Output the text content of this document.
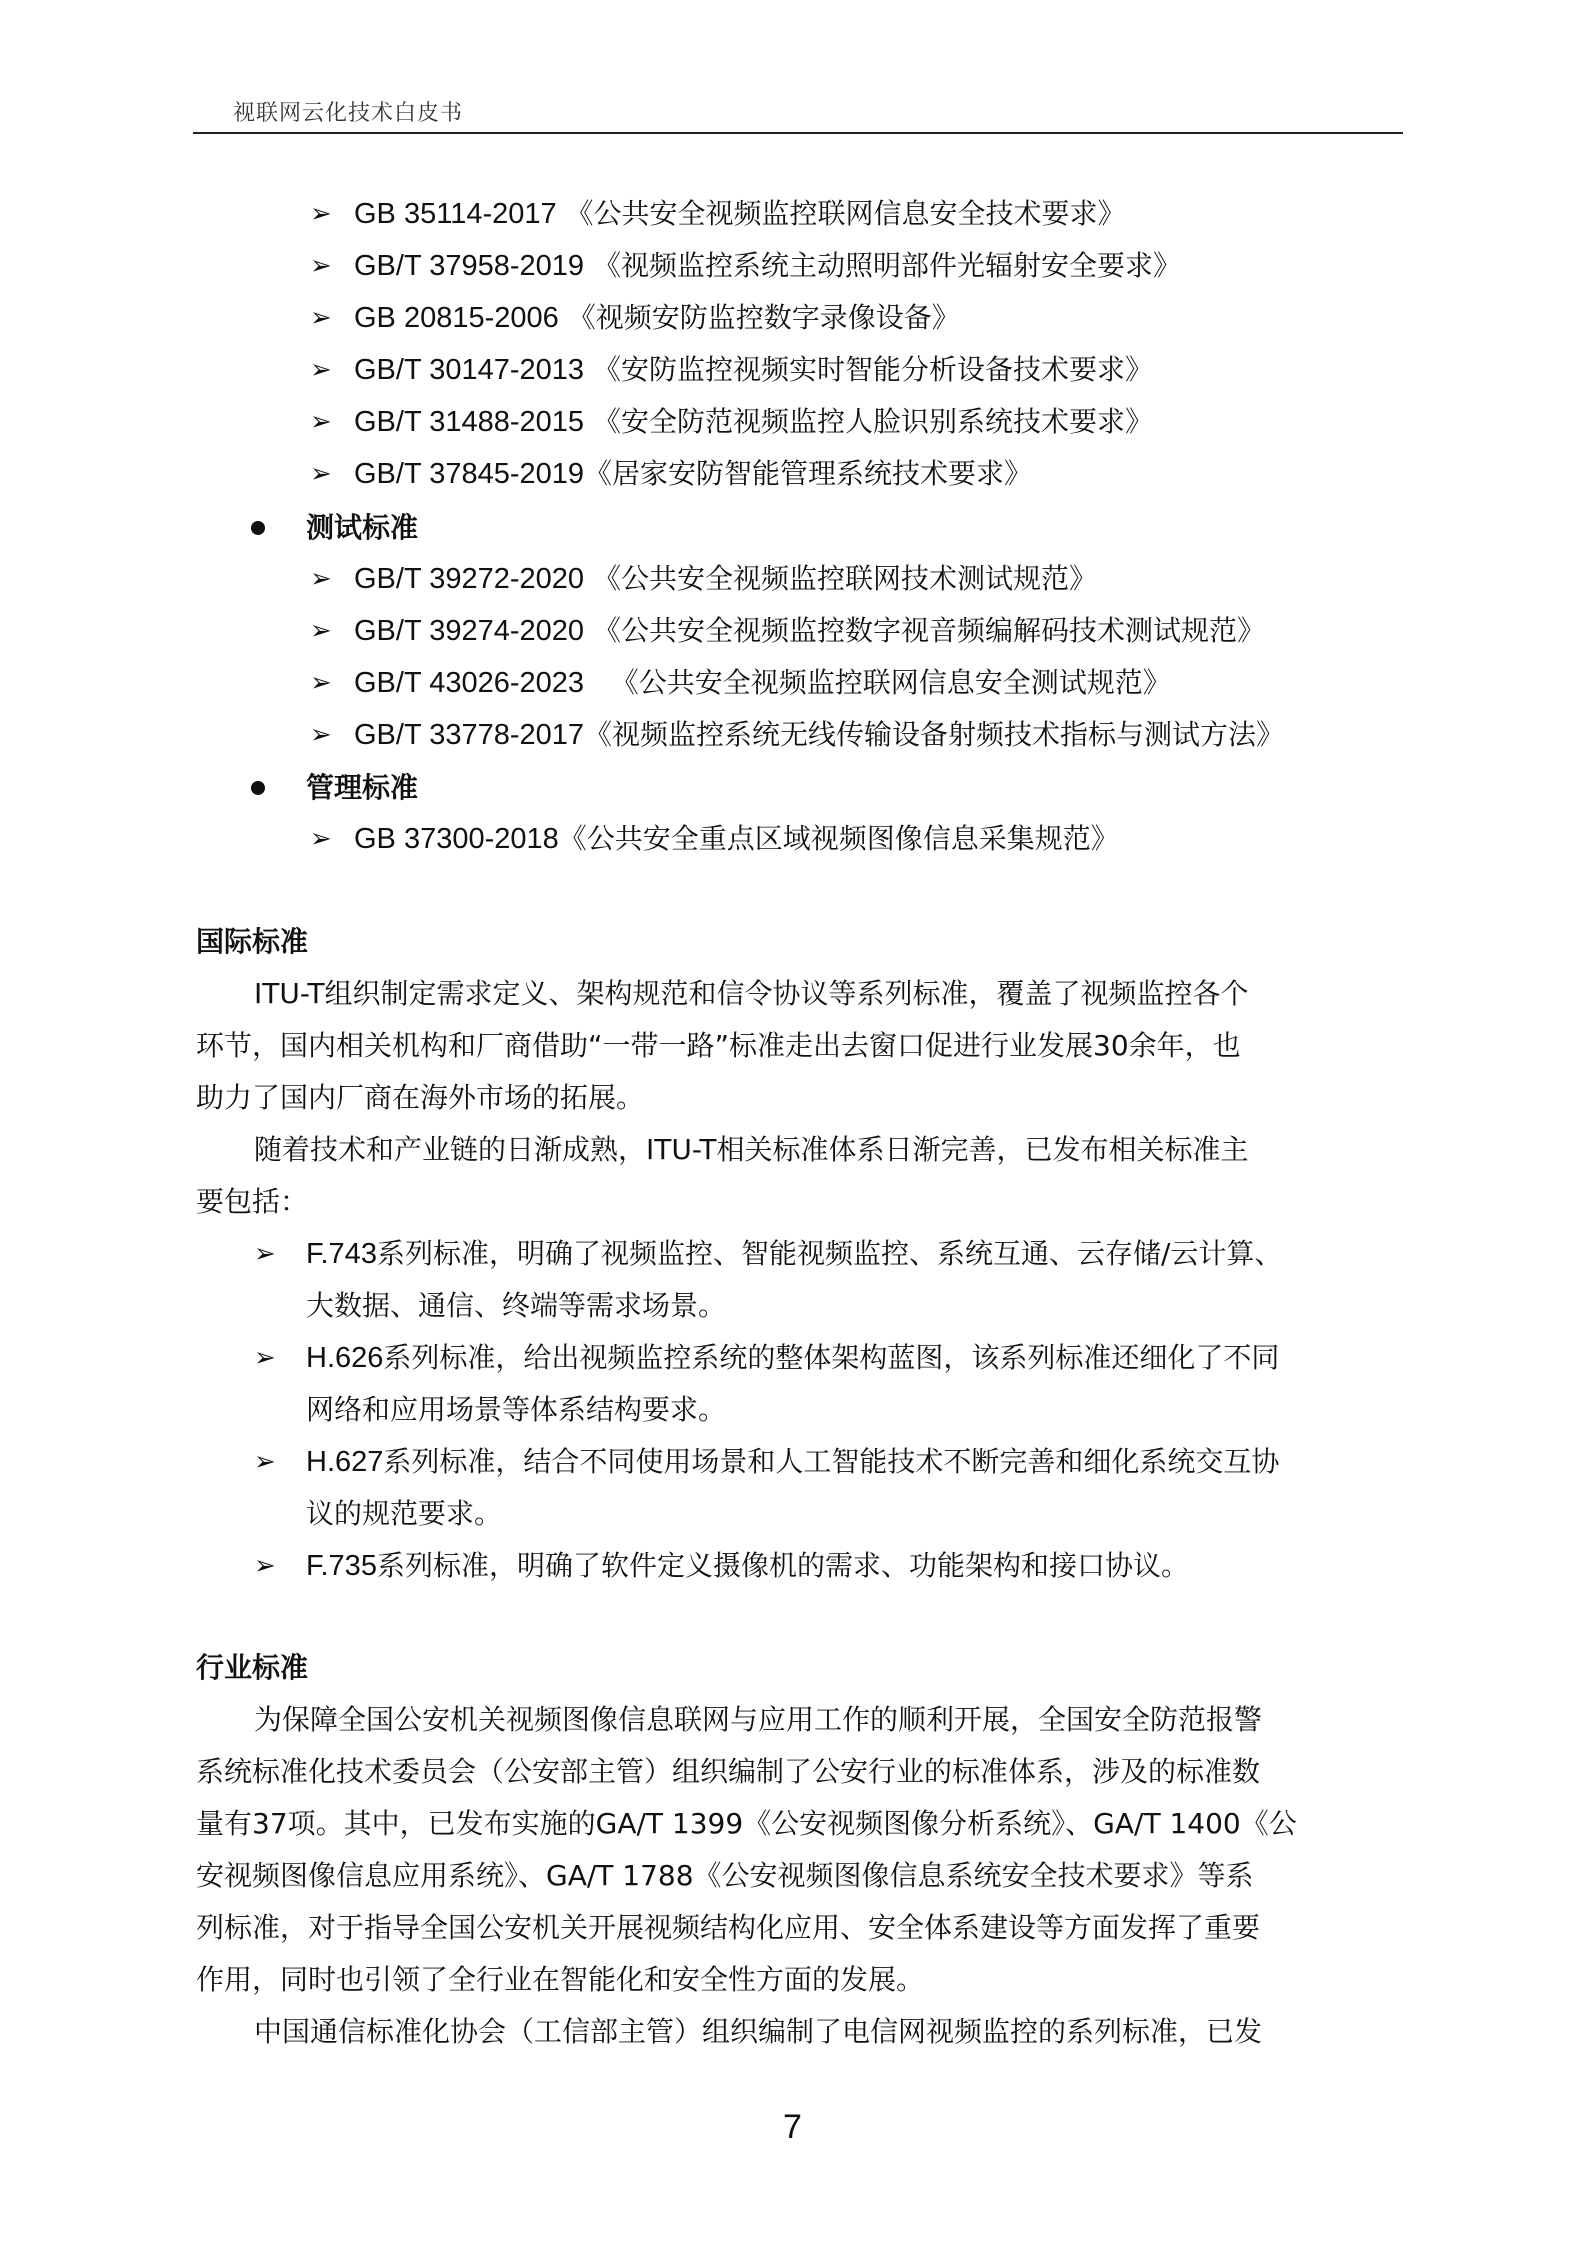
视联网云化技术白皮书
➢ GB 35114-2017 《公共安全视频监控联网信息安全技术要求》
➢ GB/T 37958-2019 《视频监控系统主动照明部件光辐射安全要求》
➢ GB 20815-2006 《视频安防监控数字录像设备》
➢ GB/T 30147-2013 《安防监控视频实时智能分析设备技术要求》
➢ GB/T 31488-2015 《安全防范视频监控人脸识别系统技术要求》
➢ GB/T 37845-2019《居家安防智能管理系统技术要求》
测试标准
➢ GB/T 39272-2020 《公共安全视频监控联网技术测试规范》
➢ GB/T 39274-2020 《公共安全视频监控数字视音频编解码技术测试规范》
➢ GB/T 43026-2023 《公共安全视频监控联网信息安全测试规范》
➢ GB/T 33778-2017《视频监控系统无线传输设备射频技术指标与测试方法》
管理标准
➢ GB 37300-2018《公共安全重点区域视频图像信息采集规范》
国际标准
ITU-T组织制定需求定义、架构规范和信令协议等系列标准，覆盖了视频监控各个
环节，国内相关机构和厂商借助“一带一路”标准走出去窗口促进行业发展30余年，也
助力了国内厂商在海外市场的拓展。
随着技术和产业链的日渐成熟，ITU-T相关标准体系日渐完善，已发布相关标准主
要包括：
➢ F.743系列标准，明确了视频监控、智能视频监控、系统互通、云存储/云计算、
大数据、通信、终端等需求场景。
➢ H.626系列标准，给出视频监控系统的整体架构蓝图，该系列标准还细化了不同
网络和应用场景等体系结构要求。
➢ H.627系列标准，结合不同使用场景和人工智能技术不断完善和细化系统交互协
议的规范要求。
➢ F.735系列标准，明确了软件定义摄像机的需求、功能架构和接口协议。
行业标准
为保障全国公安机关视频图像信息联网与应用工作的顺利开展，全国安全防范报警
系统标准化技术委员会（公安部主管）组织编制了公安行业的标准体系，涉及的标准数
量有37项。其中，已发布实施的GA/T 1399《公安视频图像分析系统》、GA/T 1400《公
安视频图像信息应用系统》、GA/T 1788《公安视频图像信息系统安全技术要求》等系
列标准，对于指导全国公安机关开展视频结构化应用、安全体系建设等方面发挥了重要
作用，同时也引领了全行业在智能化和安全性方面的发展。
中国通信标准化协会（工信部主管）组织编制了电信网视频监控的系列标准，已发
7
